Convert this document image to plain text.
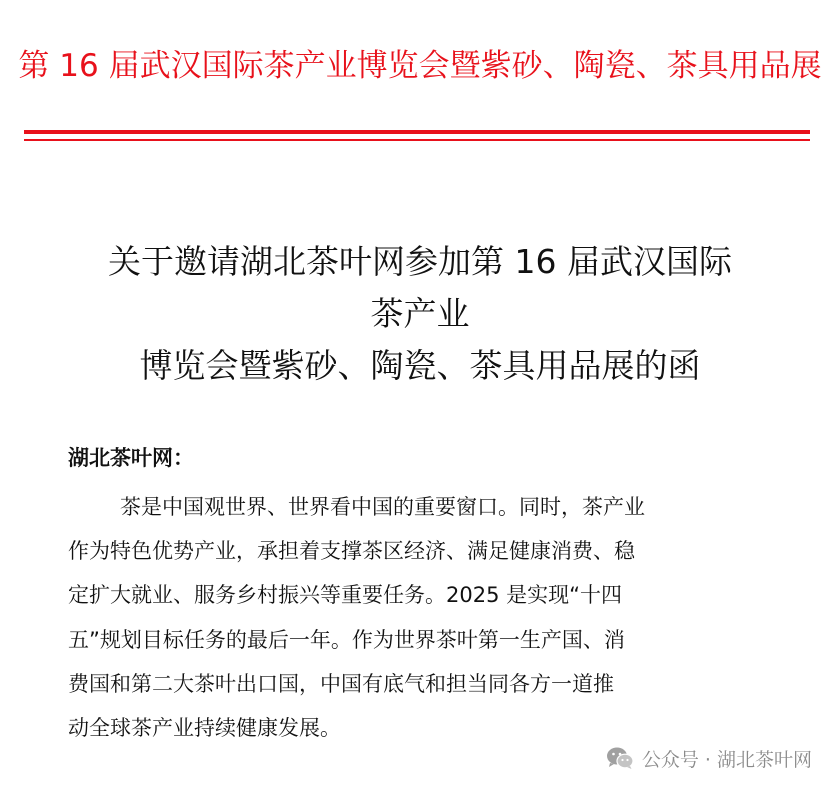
第 16 届武汉国际茶产业博览会暨紫砂、陶瓷、茶具用品展
关于邀请湖北茶叶网参加第 16 届武汉国际
茶产业
博览会暨紫砂、陶瓷、茶具用品展的函
湖北茶叶网：
茶是中国观世界、世界看中国的重要窗口。同时，茶产业
作为特色优势产业，承担着支撑茶区经济、满足健康消费、稳
定扩大就业、服务乡村振兴等重要任务。2025 是实现“十四
五”规划目标任务的最后一年。作为世界茶叶第一生产国、消
费国和第二大茶叶出口国，中国有底气和担当同各方一道推
动全球茶产业持续健康发展。
公众号 · 湖北茶叶网
